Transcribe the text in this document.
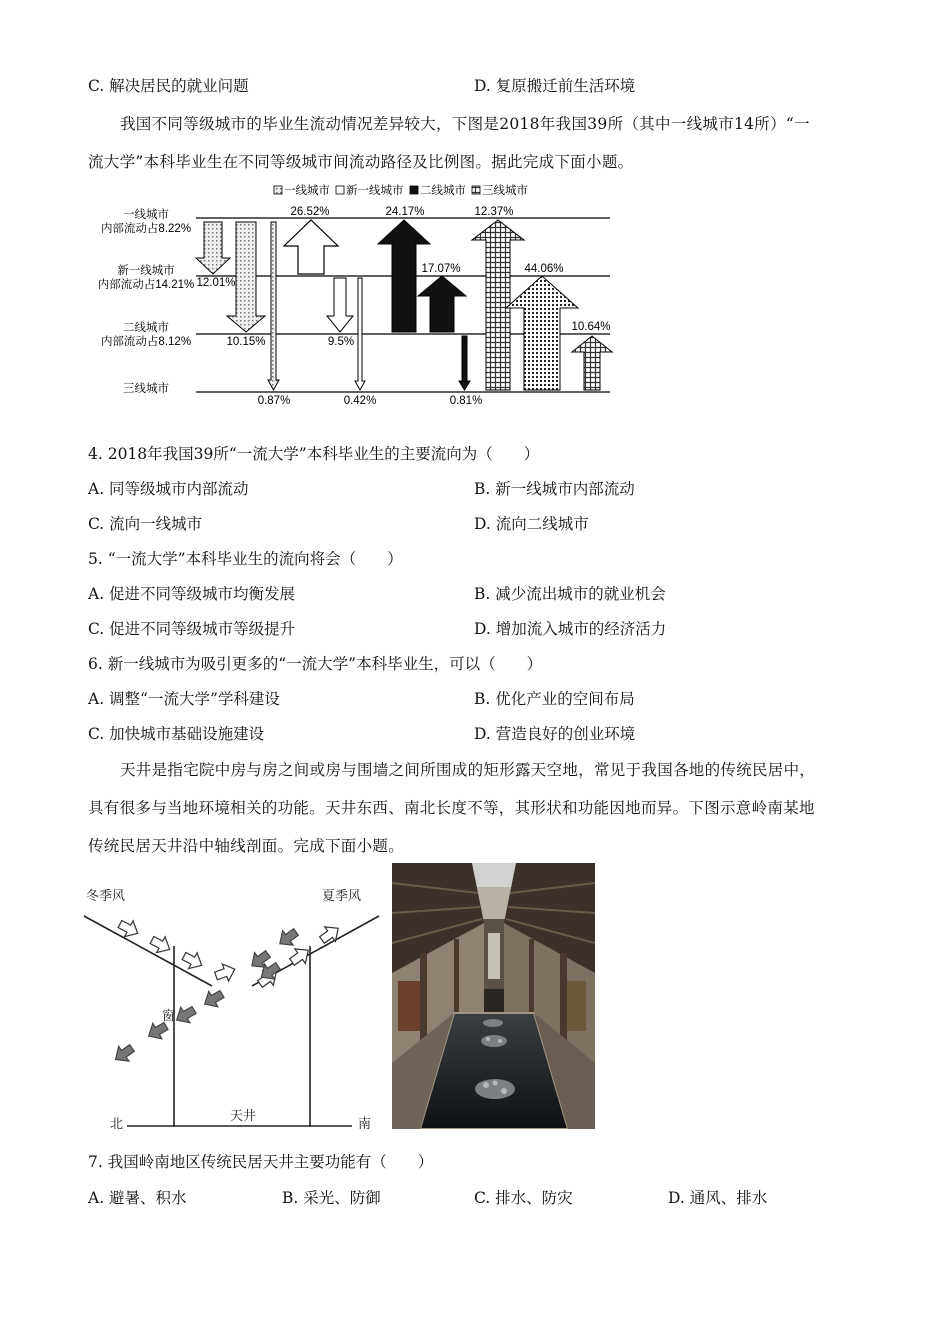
C. 解决居民的就业问题	D. 复原搬迁前生活环境
我国不同等级城市的毕业生流动情况差异较大，下图是2018年我国39所（其中一线城市14所）“一
流大学”本科毕业生在不同等级城市间流动路径及比例图。据此完成下面小题。
一线城市 新一线城市 二线城市 三线城市
一线城市
内部流动占8.22%
新一线城市
内部流动占14.21%
二线城市
内部流动占8.12%
三线城市
12.01%
10.15%
0.87%
26.52%
9.5%
0.42%
24.17%
17.07%
0.81%
12.37%
44.06%
10.64%
4. 2018年我国39所“一流大学”本科毕业生的主要流向为（　　）
A. 同等级城市内部流动	B. 新一线城市内部流动
C. 流向一线城市	D. 流向二线城市
5. “一流大学”本科毕业生的流向将会（　　）
A. 促进不同等级城市均衡发展	B. 减少流出城市的就业机会
C. 促进不同等级城市等级提升	D. 增加流入城市的经济活力
6. 新一线城市为吸引更多的“一流大学”本科毕业生，可以（　　）
A. 调整“一流大学”学科建设	B. 优化产业的空间布局
C. 加快城市基础设施建设	D. 营造良好的创业环境
天井是指宅院中房与房之间或房与围墙之间所围成的矩形露天空地，常见于我国各地的传统民居中，
具有很多与当地环境相关的功能。天井东西、南北长度不等，其形状和功能因地而异。下图示意岭南某地
传统民居天井沿中轴线剖面。完成下面小题。
冬季风	夏季风
窗
天井
北	南
7. 我国岭南地区传统民居天井主要功能有（　　）
A. 避暑、积水	B. 采光、防御	C. 排水、防灾	D. 通风、排水
